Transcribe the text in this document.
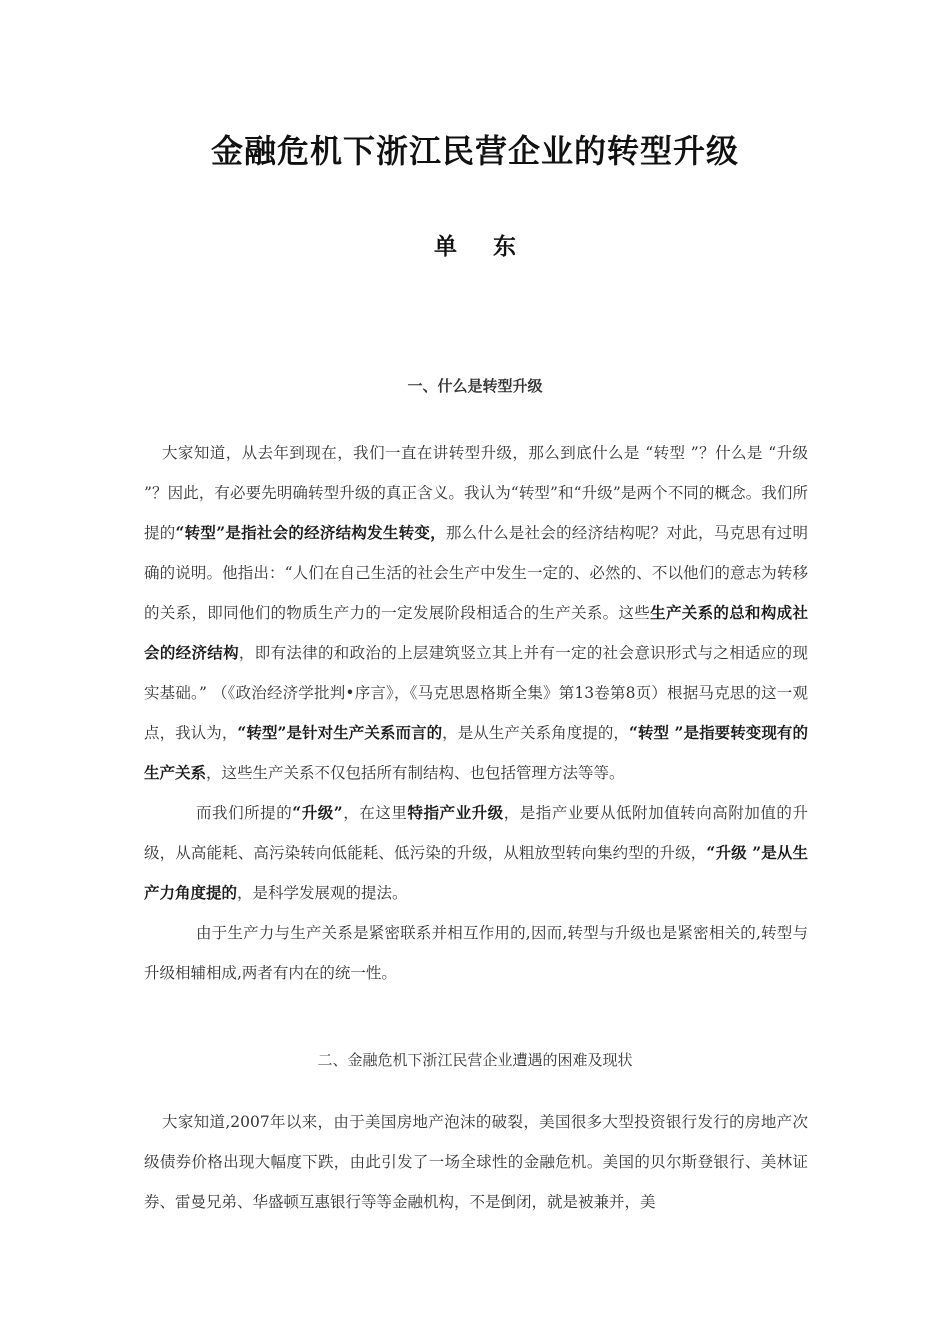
金融危机下浙江民营企业的转型升级
单 东
一、什么是转型升级

大家知道，从去年到现在，我们一直在讲转型升级，那么到底什么是 “转型 ”？什么是 “升级 ”？因此，有必要先明确转型升级的真正含义。我认为“转型”和“升级”是两个不同的概念。我们所提的“转型”是指社会的经济结构发生转变，那么什么是社会的经济结构呢？对此，马克思有过明确的说明。他指出：“人们在自己生活的社会生产中发生一定的、必然的、不以他们的意志为转移的关系，即同他们的物质生产力的一定发展阶段相适合的生产关系。这些生产关系的总和构成社会的经济结构，即有法律的和政治的上层建筑竖立其上并有一定的社会意识形式与之相适应的现实基础。” （《政治经济学批判•序言》，《马克思恩格斯全集》第13卷第8页）根据马克思的这一观点，我认为，“转型”是针对生产关系而言的，是从生产关系角度提的，“转型 ”是指要转变现有的生产关系，这些生产关系不仅包括所有制结构、也包括管理方法等等。

而我们所提的“升级”，在这里特指产业升级，是指产业要从低附加值转向高附加值的升级，从高能耗、高污染转向低能耗、低污染的升级，从粗放型转向集约型的升级，“升级 ”是从生产力角度提的，是科学发展观的提法。

由于生产力与生产关系是紧密联系并相互作用的,因而,转型与升级也是紧密相关的,转型与升级相辅相成,两者有内在的统一性。

二、金融危机下浙江民营企业遭遇的困难及现状

大家知道,2007年以来，由于美国房地产泡沫的破裂，美国很多大型投资银行发行的房地产次级债券价格出现大幅度下跌，由此引发了一场全球性的金融危机。美国的贝尔斯登银行、美林证券、雷曼兄弟、华盛顿互惠银行等等金融机构，不是倒闭，就是被兼并，美
